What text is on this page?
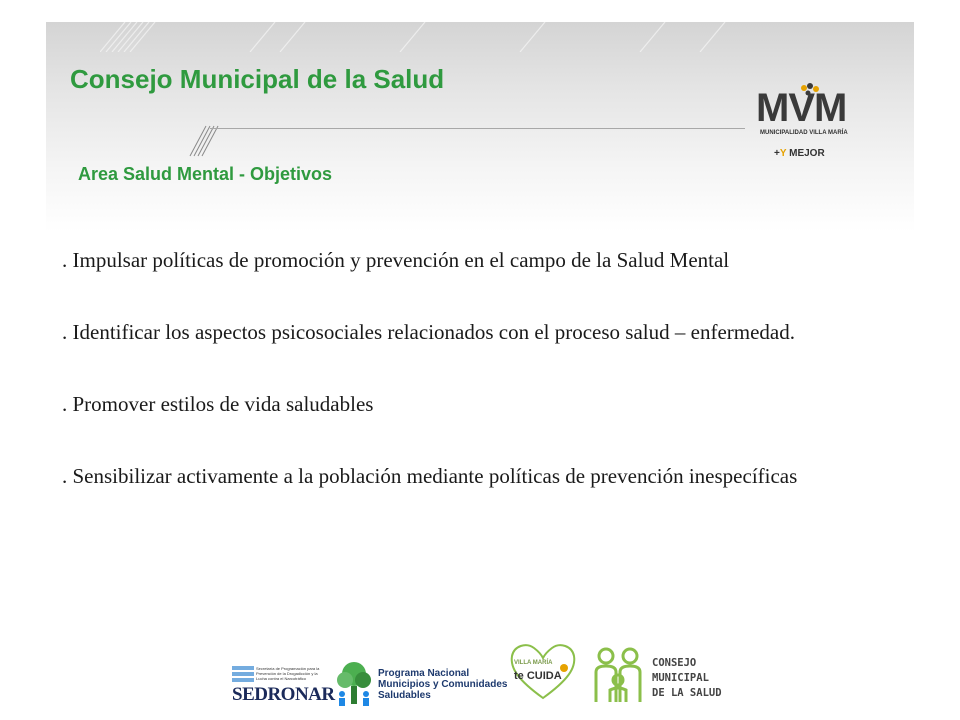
Consejo Municipal de la Salud
Area Salud Mental - Objetivos
MVM
MUNICIPALIDAD VILLA MARÍA
+Y MEJOR
. Impulsar políticas de promoción y prevención en el campo de la Salud Mental
. Identificar los aspectos psicosociales relacionados con el proceso salud – enfermedad.
. Promover estilos de vida saludables
. Sensibilizar activamente a la población mediante políticas de prevención inespecíficas
Secretaría de Programación para la Prevención de la Drogadicción y la Lucha contra el Narcotráfico
SEDRONAR
Programa Nacional
Municipios y Comunidades
Saludables
VILLA MARÍA
te CUIDA
CONSEJO
MUNICIPAL
DE LA SALUD
